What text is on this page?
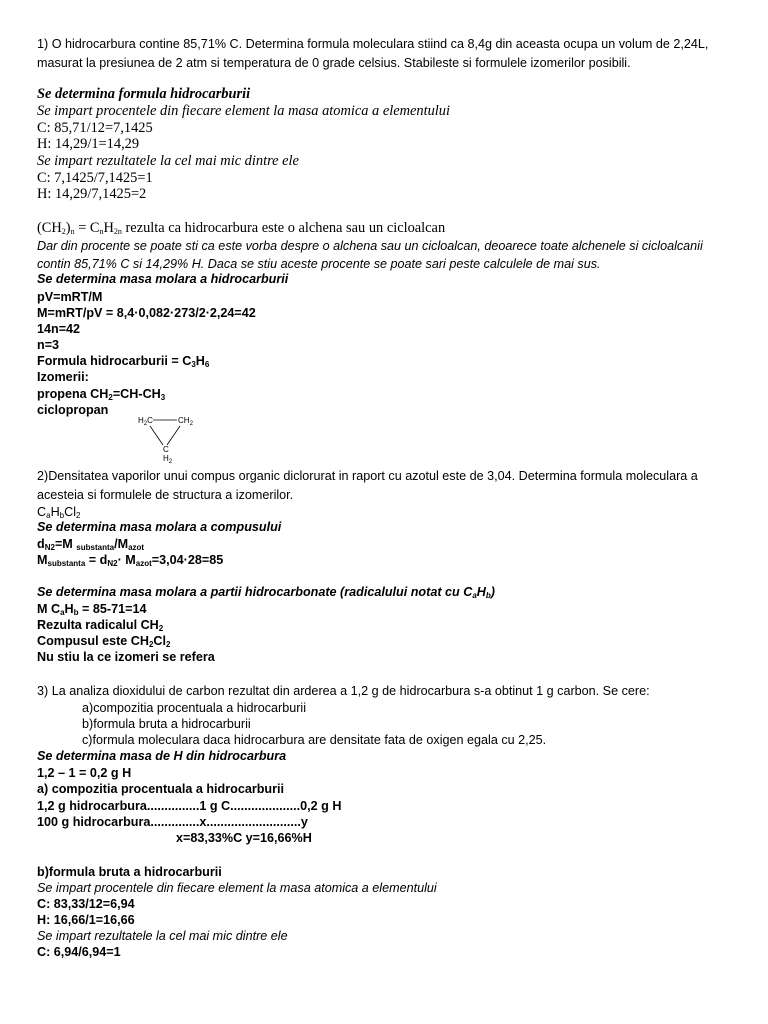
1) O hidrocarbura contine 85,71% C. Determina formula moleculara stiind ca 8,4g din aceasta ocupa un volum de 2,24L,
masurat la presiunea de 2 atm si temperatura de 0 grade celsius. Stabileste si formulele izomerilor posibili.
Se determina formula hidrocarburii
Se impart procentele din fiecare element la masa atomica a elementului
C: 85,71/12=7,1425
H: 14,29/1=14,29
Se impart rezultatele la cel mai mic dintre ele
C: 7,1425/7,1425=1
H: 14,29/7,1425=2
$(CH_2)_n = C_nH_{2n}$ rezulta ca hidrocarbura este o alchena sau un cicloalcan
Dar din procente se poate sti ca este vorba despre o alchena sau un cicloalcan, deoarece toate alchenele si cicloalcanii
contin 85,71% C si 14,29% H. Daca se stiu aceste procente se poate sari peste calculele de mai sus.
Se determina masa molara a hidrocarburii
pV=mRT/M
M=mRT/pV = 8,4·0,082·273/2·2,24=42
14n=42
n=3
Formula hidrocarburii = $C_3H_6$
Izomerii:
propena $CH_2=CH-CH_3$
ciclopropan
$H_2C$	$CH_2$
C
$H_2$
2)Densitatea vaporilor unui compus organic diclorurat in raport cu azotul este de 3,04. Determina formula moleculara a
acesteia si formulele de structura a izomerilor.
$C_aH_bCl_2$
Se determina masa molara a compusului
$d_{N2}=M$ $_{substanta}/M_{azot}$
$M_{substanta} = d_{N2}\cdot M_{azot}=3,04\cdot 28=85$
Se determina masa molara a partii hidrocarbonate (radicalului notat cu $C_aH_b$)
M $C_aH_b = 85-71=14$
Rezulta radicalul $CH_2$
Compusul este $CH_2Cl_2$
Nu stiu la ce izomeri se refera
3) La analiza dioxidului de carbon rezultat din arderea a 1,2 g de hidrocarbura s-a obtinut 1 g carbon. Se cere:
a)compozitia procentuala a hidrocarburii
b)formula bruta a hidrocarburii
c)formula moleculara daca hidrocarbura are densitate fata de oxigen egala cu 2,25.
Se determina masa de H din hidrocarbura
1,2 – 1 = 0,2 g H
a) compozitia procentuala a hidrocarburii
1,2 g hidrocarbura...............1 g C....................0,2 g H
100 g hidrocarbura..............x...........................y
x=83,33%C y=16,66%H
b)formula bruta a hidrocarburii
Se impart procentele din fiecare element la masa atomica a elementului
C: 83,33/12=6,94
H: 16,66/1=16,66
Se impart rezultatele la cel mai mic dintre ele
C: 6,94/6,94=1
